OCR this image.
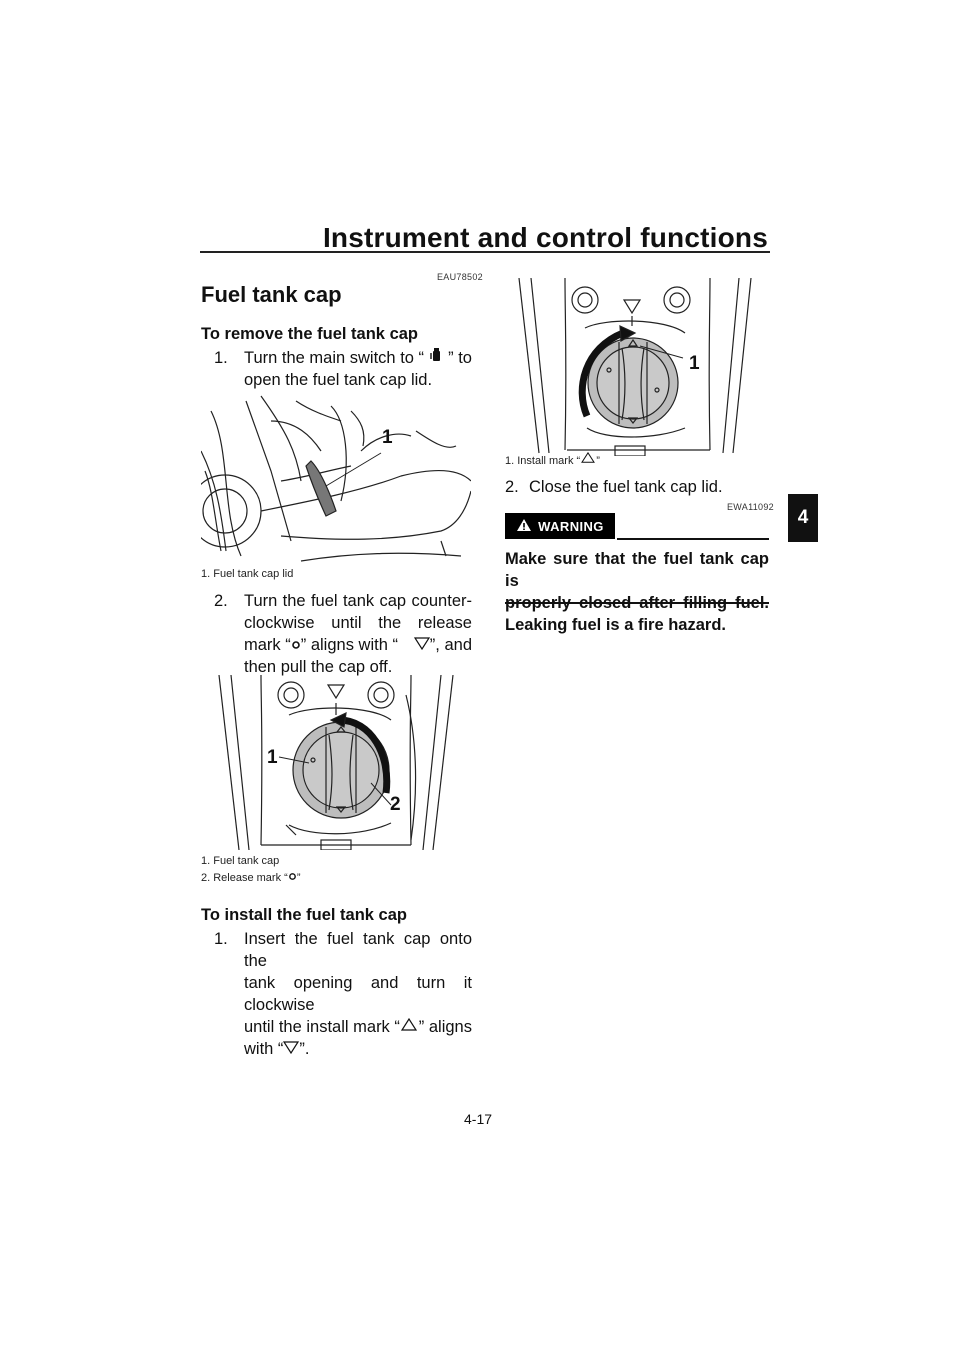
Instrument and control functions
4
EAU78502
Fuel tank cap
To remove the fuel tank cap
1. Turn the main switch to “ ” to
open the fuel tank cap lid.
1
1. Fuel tank cap lid
2. Turn the fuel tank cap counter-
clockwise until the release
mark “ ” aligns with “ ”, and
then pull the cap off.
1
2
1. Fuel tank cap
2. Release mark “ ”
To install the fuel tank cap
1. Insert the fuel tank cap onto the
tank opening and turn it clockwise
until the install mark “ ” aligns
with “ ”.
1
1. Install mark “ ”
2. Close the fuel tank cap lid.
EWA11092
WARNING
Make sure that the fuel tank cap is
properly closed after filling fuel.
Leaking fuel is a fire hazard.
4-17
